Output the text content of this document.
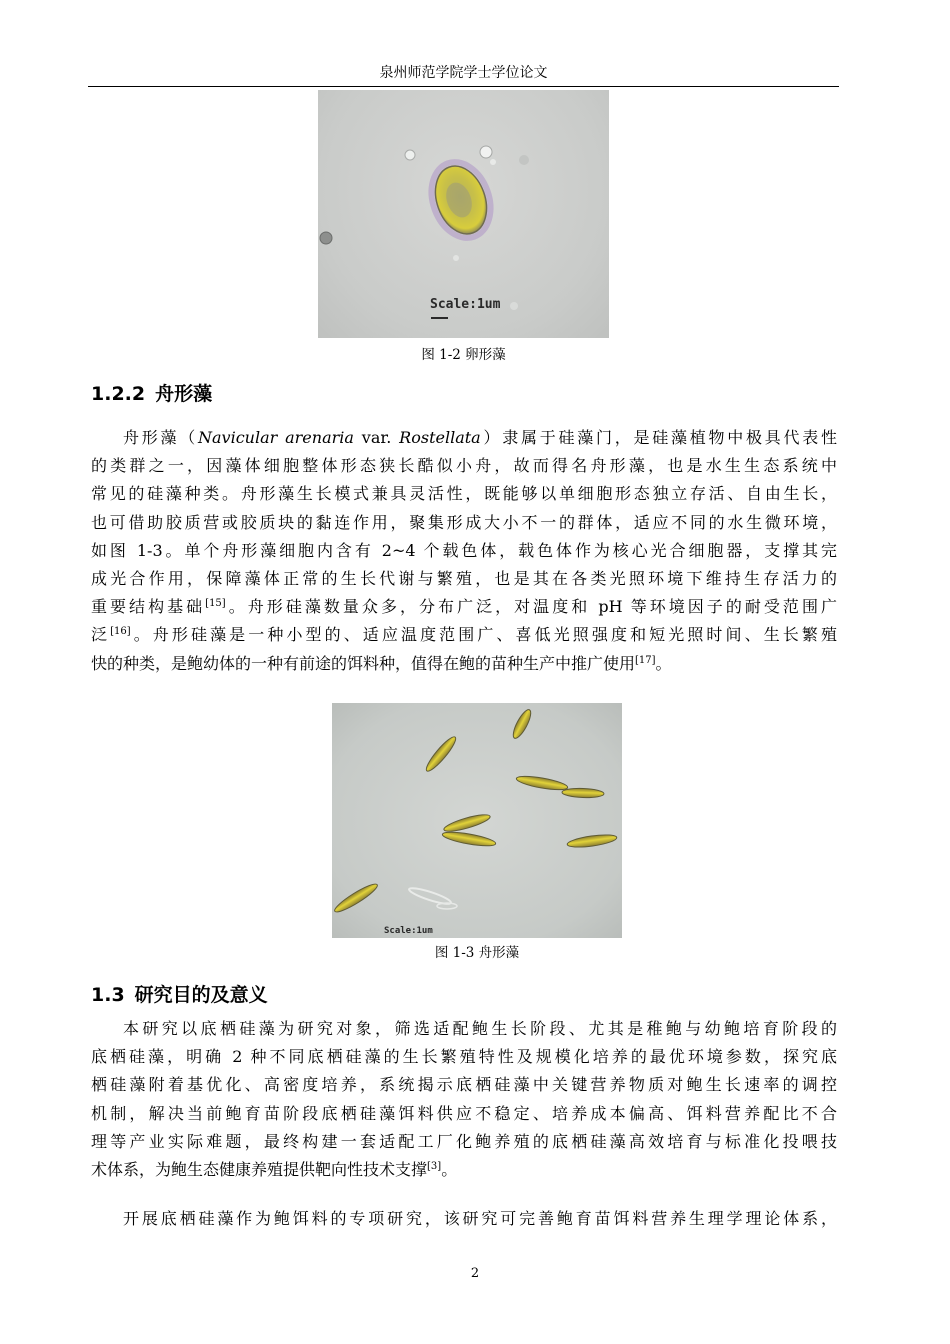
泉州师范学院学士学位论文
Scale:1um
图 1-2 卵形藻
1.2.2 舟形藻
舟形藻（Navicular arenaria var. Rostellata）隶属于硅藻门，是硅藻植物中极具代表性
的类群之一，因藻体细胞整体形态狭长酷似小舟，故而得名舟形藻，也是水生生态系统中
常见的硅藻种类。舟形藻生长模式兼具灵活性，既能够以单细胞形态独立存活、自由生长，
也可借助胶质营或胶质块的黏连作用，聚集形成大小不一的群体，适应不同的水生微环境，
如图 1-3。单个舟形藻细胞内含有 2~4 个载色体，载色体作为核心光合细胞器，支撑其完
成光合作用，保障藻体正常的生长代谢与繁殖，也是其在各类光照环境下维持生存活力的
重要结构基础[15]。舟形硅藻数量众多，分布广泛，对温度和 pH 等环境因子的耐受范围广
泛[16]。舟形硅藻是一种小型的、适应温度范围广、喜低光照强度和短光照时间、生长繁殖
快的种类，是鲍幼体的一种有前途的饵料种，值得在鲍的苗种生产中推广使用[17]。
Scale:1um
图 1-3 舟形藻
1.3 研究目的及意义
本研究以底栖硅藻为研究对象，筛选适配鲍生长阶段、尤其是稚鲍与幼鲍培育阶段的
底栖硅藻，明确 2 种不同底栖硅藻的生长繁殖特性及规模化培养的最优环境参数，探究底
栖硅藻附着基优化、高密度培养，系统揭示底栖硅藻中关键营养物质对鲍生长速率的调控
机制，解决当前鲍育苗阶段底栖硅藻饵料供应不稳定、培养成本偏高、饵料营养配比不合
理等产业实际难题，最终构建一套适配工厂化鲍养殖的底栖硅藻高效培育与标准化投喂技
术体系，为鲍生态健康养殖提供靶向性技术支撑[3]。
开展底栖硅藻作为鲍饵料的专项研究，该研究可完善鲍育苗饵料营养生理学理论体系，
2
